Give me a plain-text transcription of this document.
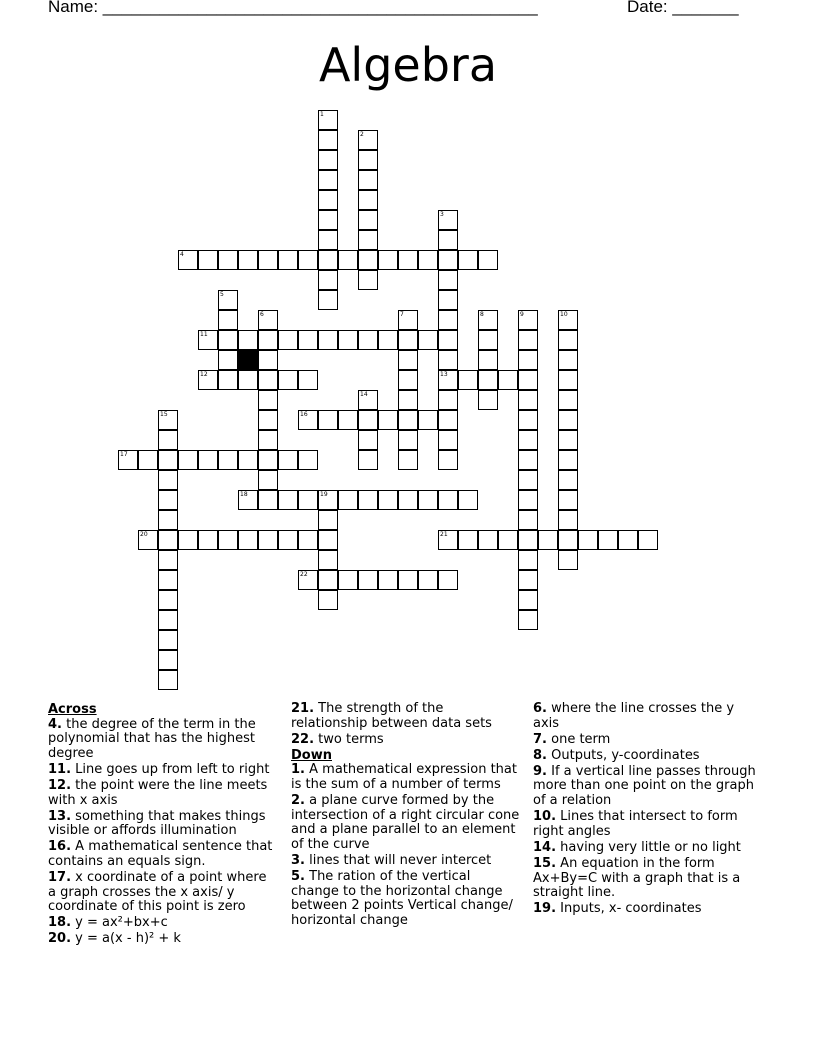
Name: ______________________________________________	Date: _______
Algebra
1
2
3
4
5
6	7	8	9	10
11
12	13
14
15	16
17
18	19
20	21
22
Across
4. the degree of the term in the polynomial that has the highest degree
11. Line goes up from left to right
12. the point were the line meets with x axis
13. something that makes things visible or affords illumination
16. A mathematical sentence that contains an equals sign.
17. x coordinate of a point where a graph crosses the x axis/ y coordinate of this point is zero
18. y = ax²+bx+c
20. y = a(x - h)² + k
21. The strength of the relationship between data sets
22. two terms
Down
1. A mathematical expression that is the sum of a number of terms
2. a plane curve formed by the intersection of a right circular cone and a plane parallel to an element of the curve
3. lines that will never intercet
5. The ration of the vertical change to the horizontal change between 2 points Vertical change/ horizontal change
6. where the line crosses the y axis
7. one term
8. Outputs, y-coordinates
9. If a vertical line passes through more than one point on the graph of a relation
10. Lines that intersect to form right angles
14. having very little or no light
15. An equation in the form Ax+By=C with a graph that is a straight line.
19. Inputs, x- coordinates
